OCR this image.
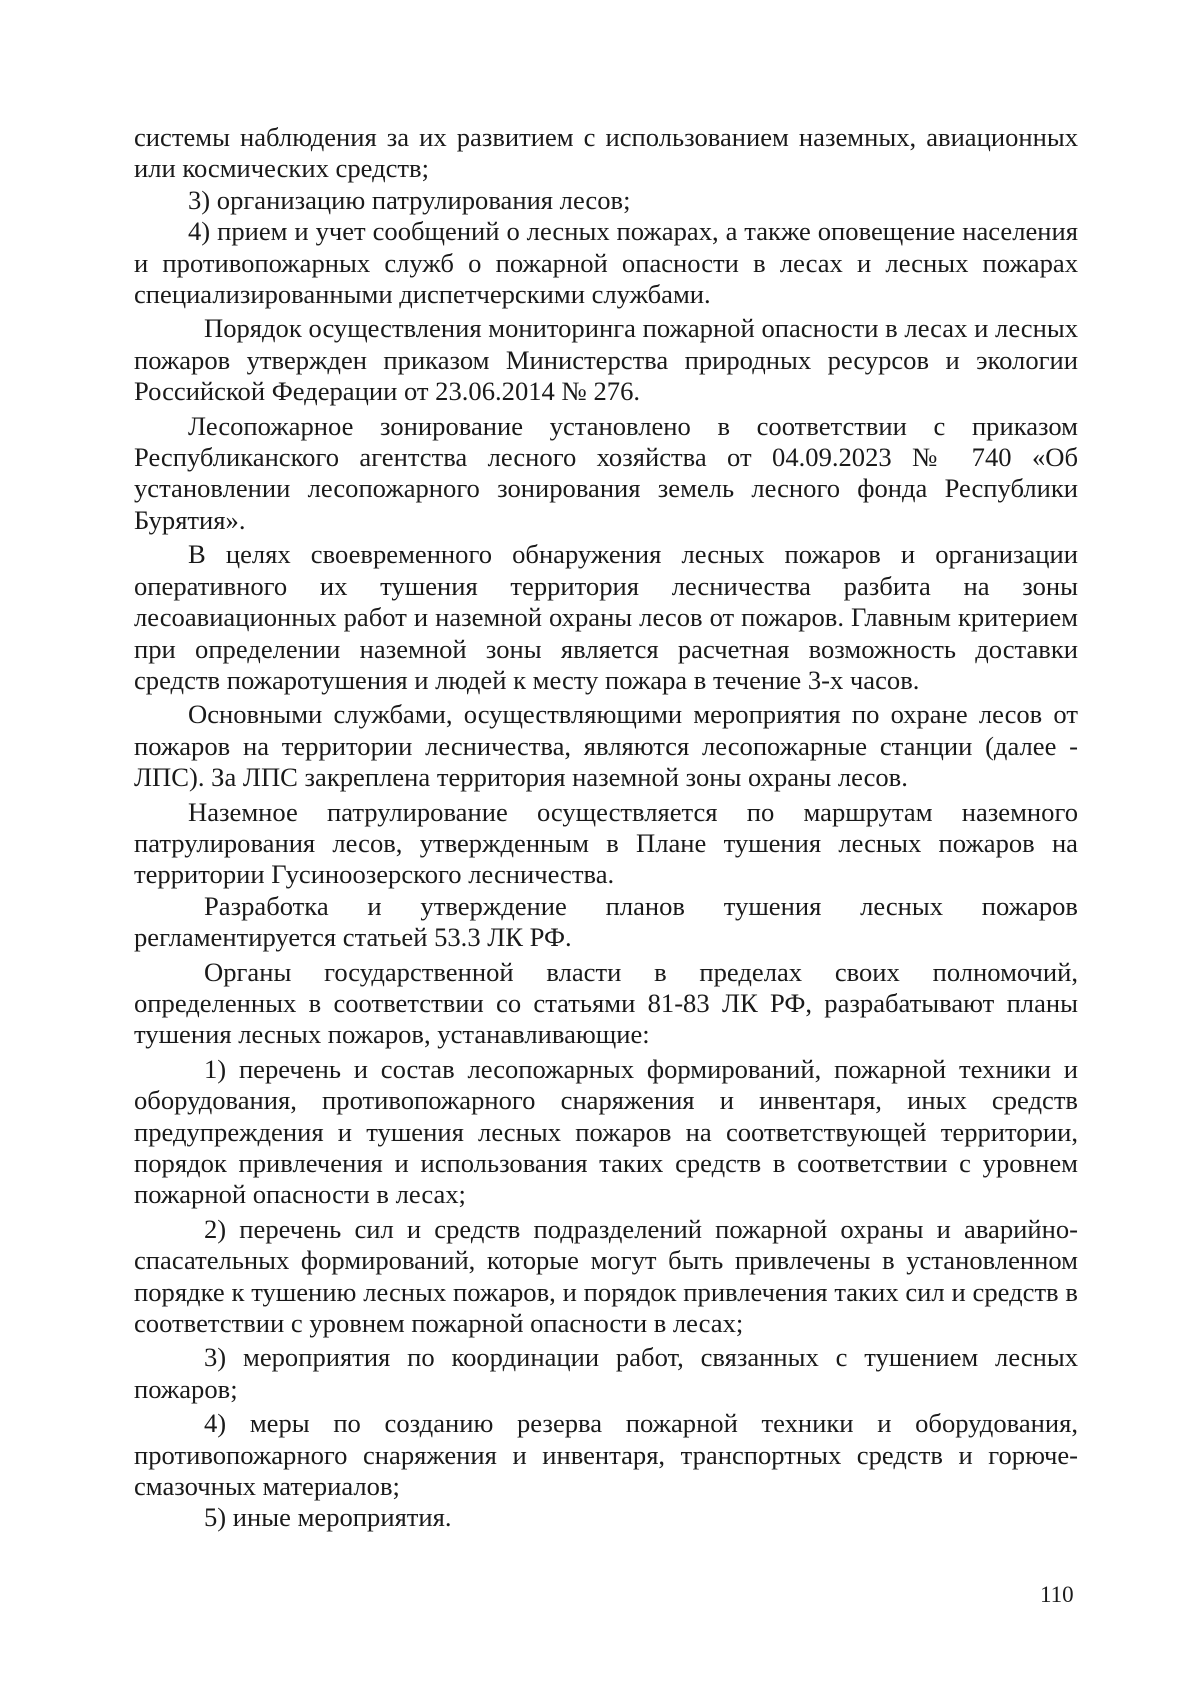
системы наблюдения за их развитием с использованием наземных, авиационных или космических средств;

3) организацию патрулирования лесов;

4) прием и учет сообщений о лесных пожарах, а также оповещение населения и противопожарных служб о пожарной опасности в лесах и лесных пожарах специализированными диспетчерскими службами.

Порядок осуществления мониторинга пожарной опасности в лесах и лесных пожаров утвержден приказом Министерства природных ресурсов и экологии Российской Федерации от 23.06.2014 № 276.

Лесопожарное зонирование установлено в соответствии с приказом Республиканского агентства лесного хозяйства от 04.09.2023 № 740 «Об установлении лесопожарного зонирования земель лесного фонда Республики Бурятия».

В целях своевременного обнаружения лесных пожаров и организации оперативного их тушения территория лесничества разбита на зоны лесоавиационных работ и наземной охраны лесов от пожаров. Главным критерием при определении наземной зоны является расчетная возможность доставки средств пожаротушения и людей к месту пожара в течение 3-х часов.

Основными службами, осуществляющими мероприятия по охране лесов от пожаров на территории лесничества, являются лесопожарные станции (далее - ЛПС). За ЛПС закреплена территория наземной зоны охраны лесов.

Наземное патрулирование осуществляется по маршрутам наземного патрулирования лесов, утвержденным в Плане тушения лесных пожаров на территории Гусиноозерского лесничества.

Разработка и утверждение планов тушения лесных пожаров регламентируется статьей 53.3 ЛК РФ.

Органы государственной власти в пределах своих полномочий, определенных в соответствии со статьями 81-83 ЛК РФ, разрабатывают планы тушения лесных пожаров, устанавливающие:

1) перечень и состав лесопожарных формирований, пожарной техники и оборудования, противопожарного снаряжения и инвентаря, иных средств предупреждения и тушения лесных пожаров на соответствующей территории, порядок привлечения и использования таких средств в соответствии с уровнем пожарной опасности в лесах;

2) перечень сил и средств подразделений пожарной охраны и аварийно-спасательных формирований, которые могут быть привлечены в установленном порядке к тушению лесных пожаров, и порядок привлечения таких сил и средств в соответствии с уровнем пожарной опасности в лесах;

3) мероприятия по координации работ, связанных с тушением лесных пожаров;

4) меры по созданию резерва пожарной техники и оборудования, противопожарного снаряжения и инвентаря, транспортных средств и горюче-смазочных материалов;

5) иные мероприятия.

110
